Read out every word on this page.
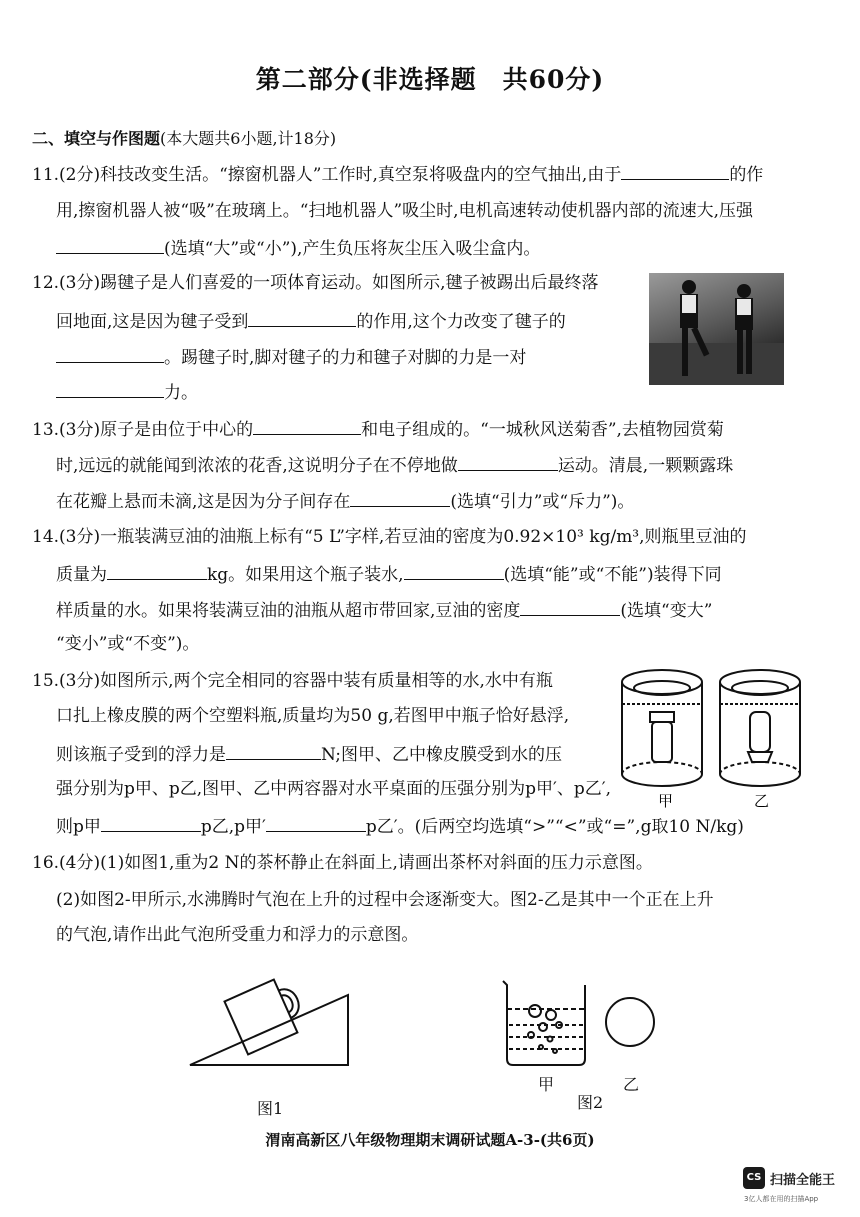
第二部分(非选择题　共60分)
二、填空与作图题(本大题共6小题,计18分)
11.(2分)科技改变生活。“擦窗机器人”工作时,真空泵将吸盘内的空气抽出,由于	的作
用,擦窗机器人被“吸”在玻璃上。“扫地机器人”吸尘时,电机高速转动使机器内部的流速大,压强
(选填“大”或“小”),产生负压将灰尘压入吸尘盒内。
12.(3分)踢毽子是人们喜爱的一项体育运动。如图所示,毽子被踢出后最终落
回地面,这是因为毽子受到	的作用,这个力改变了毽子的
。踢毽子时,脚对毽子的力和毽子对脚的力是一对
力。
13.(3分)原子是由位于中心的	和电子组成的。“一城秋风送菊香”,去植物园赏菊
时,远远的就能闻到浓浓的花香,这说明分子在不停地做	运动。清晨,一颗颗露珠
在花瓣上悬而未滴,这是因为分子间存在	(选填“引力”或“斥力”)。
14.(3分)一瓶装满豆油的油瓶上标有“5 L”字样,若豆油的密度为0.92×10³ kg/m³,则瓶里豆油的
质量为	kg。如果用这个瓶子装水,	(选填“能”或“不能”)装得下同
样质量的水。如果将装满豆油的油瓶从超市带回家,豆油的密度	(选填“变大”
“变小”或“不变”)。
15.(3分)如图所示,两个完全相同的容器中装有质量相等的水,水中有瓶
口扎上橡皮膜的两个空塑料瓶,质量均为50 g,若图甲中瓶子恰好悬浮,
则该瓶子受到的浮力是	N;图甲、乙中橡皮膜受到水的压
强分别为p甲、p乙,图甲、乙中两容器对水平桌面的压强分别为p甲′、p乙′,
则p甲	p乙,p甲′	p乙′。(后两空均选填“>”“<”或“=”,g取10 N/kg)
甲	乙
16.(4分)(1)如图1,重为2 N的茶杯静止在斜面上,请画出茶杯对斜面的压力示意图。
(2)如图2-甲所示,水沸腾时气泡在上升的过程中会逐渐变大。图2-乙是其中一个正在上升
的气泡,请作出此气泡所受重力和浮力的示意图。
图1
甲	乙
图2
渭南高新区八年级物理期末调研试题A-3-(共6页)
CS 扫描全能王
3亿人都在用的扫描App
